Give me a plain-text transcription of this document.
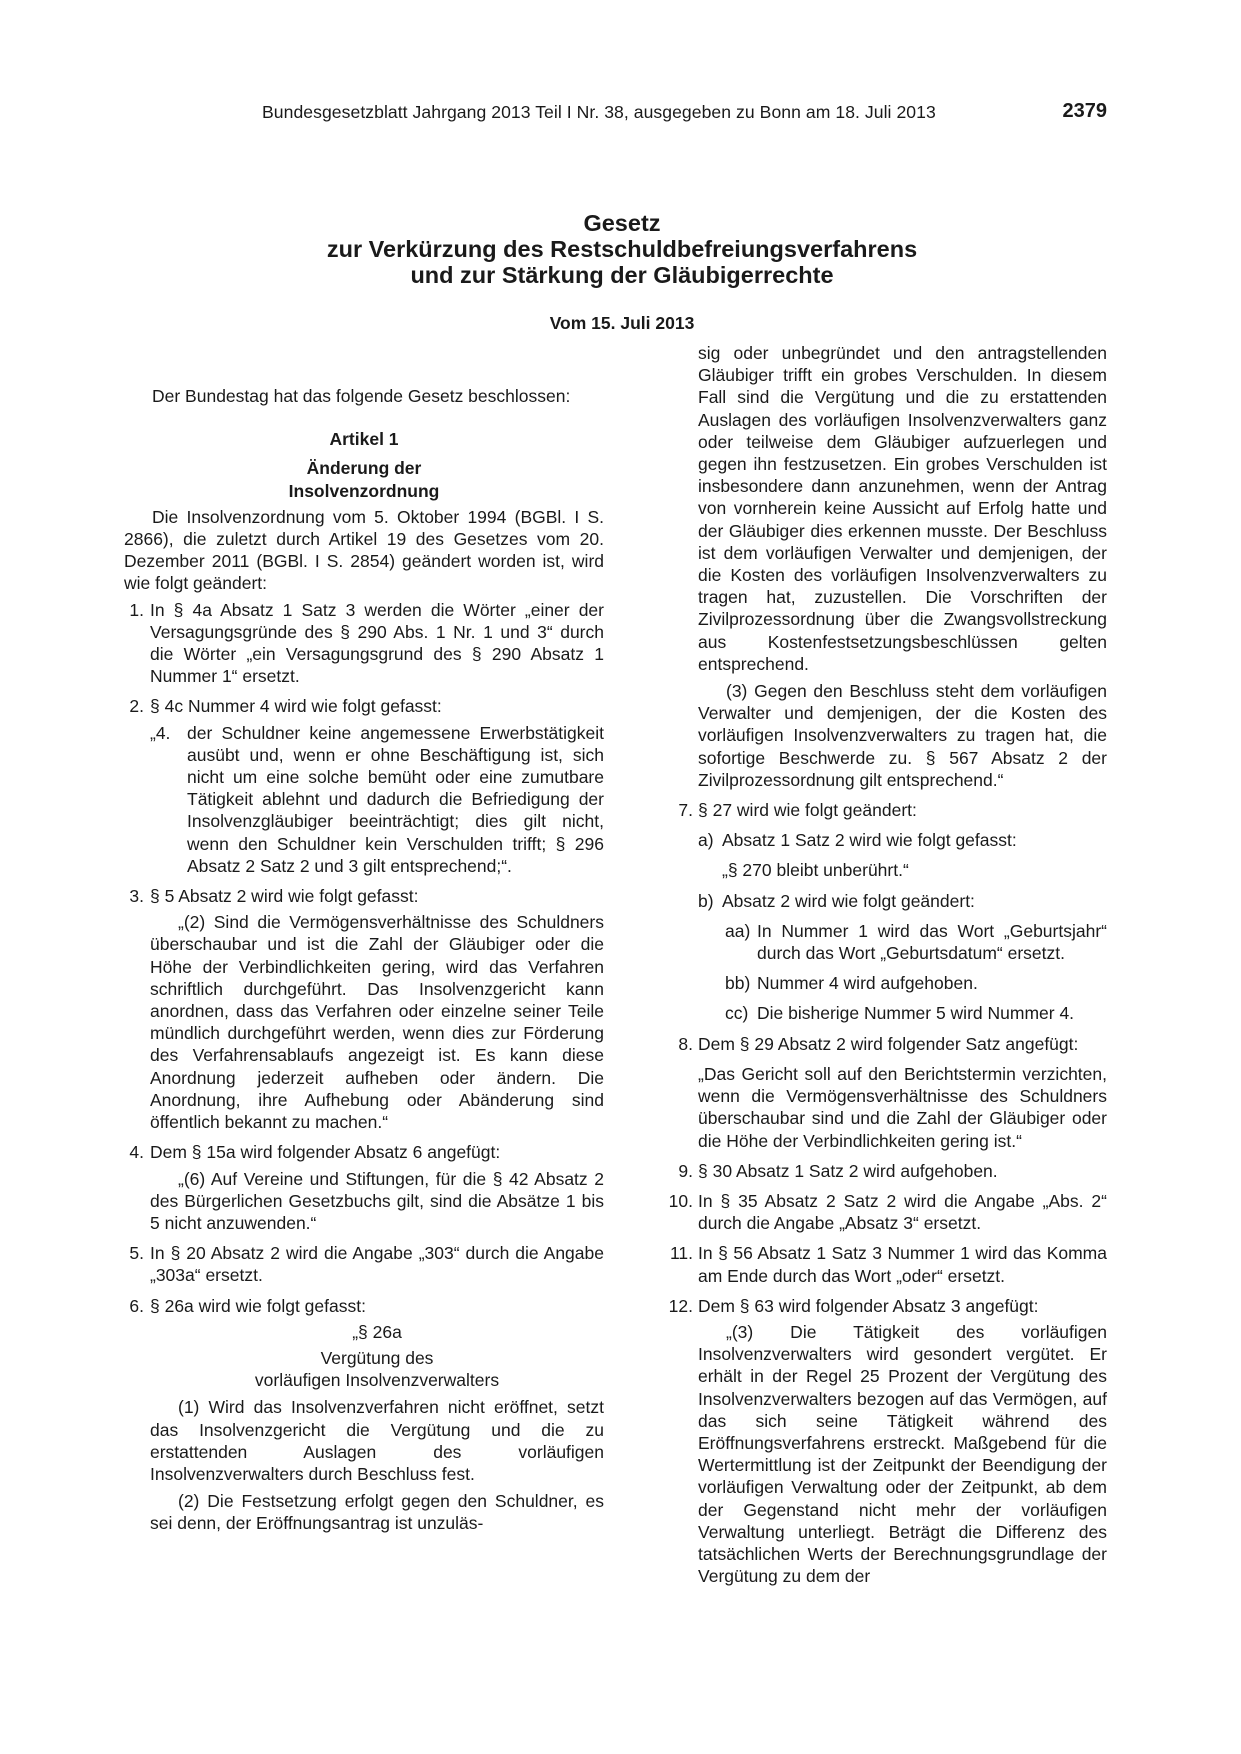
Bundesgesetzblatt Jahrgang 2013 Teil I Nr. 38, ausgegeben zu Bonn am 18. Juli 2013	2379
Gesetz
zur Verkürzung des Restschuldbefreiungsverfahrens
und zur Stärkung der Gläubigerrechte
Vom 15. Juli 2013

Der Bundestag hat das folgende Gesetz beschlossen:

Artikel 1

Änderung der

Insolvenzordnung

Die Insolvenzordnung vom 5. Oktober 1994 (BGBl. I S. 2866), die zuletzt durch Artikel 19 des Gesetzes vom 20. Dezember 2011 (BGBl. I S. 2854) geändert worden ist, wird wie folgt geändert:

1. In § 4a Absatz 1 Satz 3 werden die Wörter „einer der Versagungsgründe des § 290 Abs. 1 Nr. 1 und 3“ durch die Wörter „ein Versagungsgrund des § 290 Absatz 1 Nummer 1“ ersetzt.
2. § 4c Nummer 4 wird wie folgt gefasst:
„4. der Schuldner keine angemessene Erwerbstätigkeit ausübt und, wenn er ohne Beschäftigung ist, sich nicht um eine solche bemüht oder eine zumutbare Tätigkeit ablehnt und dadurch die Befriedigung der Insolvenzgläubiger beeinträchtigt; dies gilt nicht, wenn den Schuldner kein Verschulden trifft; § 296 Absatz 2 Satz 2 und 3 gilt entsprechend;“.
3. § 5 Absatz 2 wird wie folgt gefasst:

„(2) Sind die Vermögensverhältnisse des Schuldners überschaubar und ist die Zahl der Gläubiger oder die Höhe der Verbindlichkeiten gering, wird das Verfahren schriftlich durchgeführt. Das Insolvenzgericht kann anordnen, dass das Verfahren oder einzelne seiner Teile mündlich durchgeführt werden, wenn dies zur Förderung des Verfahrensablaufs angezeigt ist. Es kann diese Anordnung jederzeit aufheben oder ändern. Die Anordnung, ihre Aufhebung oder Abänderung sind öffentlich bekannt zu machen.“

4. Dem § 15a wird folgender Absatz 6 angefügt:

„(6) Auf Vereine und Stiftungen, für die § 42 Absatz 2 des Bürgerlichen Gesetzbuchs gilt, sind die Absätze 1 bis 5 nicht anzuwenden.“

5. In § 20 Absatz 2 wird die Angabe „303“ durch die Angabe „303a“ ersetzt.
6. § 26a wird wie folgt gefasst:

„§ 26a

Vergütung des

vorläufigen Insolvenzverwalters

(1) Wird das Insolvenzverfahren nicht eröffnet, setzt das Insolvenzgericht die Vergütung und die zu erstattenden Auslagen des vorläufigen Insolvenzverwalters durch Beschluss fest.

(2) Die Festsetzung erfolgt gegen den Schuldner, es sei denn, der Eröffnungsantrag ist unzuläs-

sig oder unbegründet und den antragstellenden Gläubiger trifft ein grobes Verschulden. In diesem Fall sind die Vergütung und die zu erstattenden Auslagen des vorläufigen Insolvenzverwalters ganz oder teilweise dem Gläubiger aufzuerlegen und gegen ihn festzusetzen. Ein grobes Verschulden ist insbesondere dann anzunehmen, wenn der Antrag von vornherein keine Aussicht auf Erfolg hatte und der Gläubiger dies erkennen musste. Der Beschluss ist dem vorläufigen Verwalter und demjenigen, der die Kosten des vorläufigen Insolvenzverwalters zu tragen hat, zuzustellen. Die Vorschriften der Zivilprozessordnung über die Zwangsvollstreckung aus Kostenfestsetzungsbeschlüssen gelten entsprechend.

(3) Gegen den Beschluss steht dem vorläufigen Verwalter und demjenigen, der die Kosten des vorläufigen Insolvenzverwalters zu tragen hat, die sofortige Beschwerde zu. § 567 Absatz 2 der Zivilprozessordnung gilt entsprechend.“

7. § 27 wird wie folgt geändert:
a) Absatz 1 Satz 2 wird wie folgt gefasst:

„§ 270 bleibt unberührt.“

b) Absatz 2 wird wie folgt geändert:
aa) In Nummer 1 wird das Wort „Geburtsjahr“ durch das Wort „Geburtsdatum“ ersetzt.
bb) Nummer 4 wird aufgehoben.
cc) Die bisherige Nummer 5 wird Nummer 4.
8. Dem § 29 Absatz 2 wird folgender Satz angefügt:

„Das Gericht soll auf den Berichtstermin verzichten, wenn die Vermögensverhältnisse des Schuldners überschaubar sind und die Zahl der Gläubiger oder die Höhe der Verbindlichkeiten gering ist.“

9. § 30 Absatz 1 Satz 2 wird aufgehoben.
10. In § 35 Absatz 2 Satz 2 wird die Angabe „Abs. 2“ durch die Angabe „Absatz 3“ ersetzt.
11. In § 56 Absatz 1 Satz 3 Nummer 1 wird das Komma am Ende durch das Wort „oder“ ersetzt.
12. Dem § 63 wird folgender Absatz 3 angefügt:

„(3) Die Tätigkeit des vorläufigen Insolvenzverwalters wird gesondert vergütet. Er erhält in der Regel 25 Prozent der Vergütung des Insolvenzverwalters bezogen auf das Vermögen, auf das sich seine Tätigkeit während des Eröffnungsverfahrens erstreckt. Maßgebend für die Wertermittlung ist der Zeitpunkt der Beendigung der vorläufigen Verwaltung oder der Zeitpunkt, ab dem der Gegenstand nicht mehr der vorläufigen Verwaltung unterliegt. Beträgt die Differenz des tatsächlichen Werts der Berechnungsgrundlage der Vergütung zu dem der
